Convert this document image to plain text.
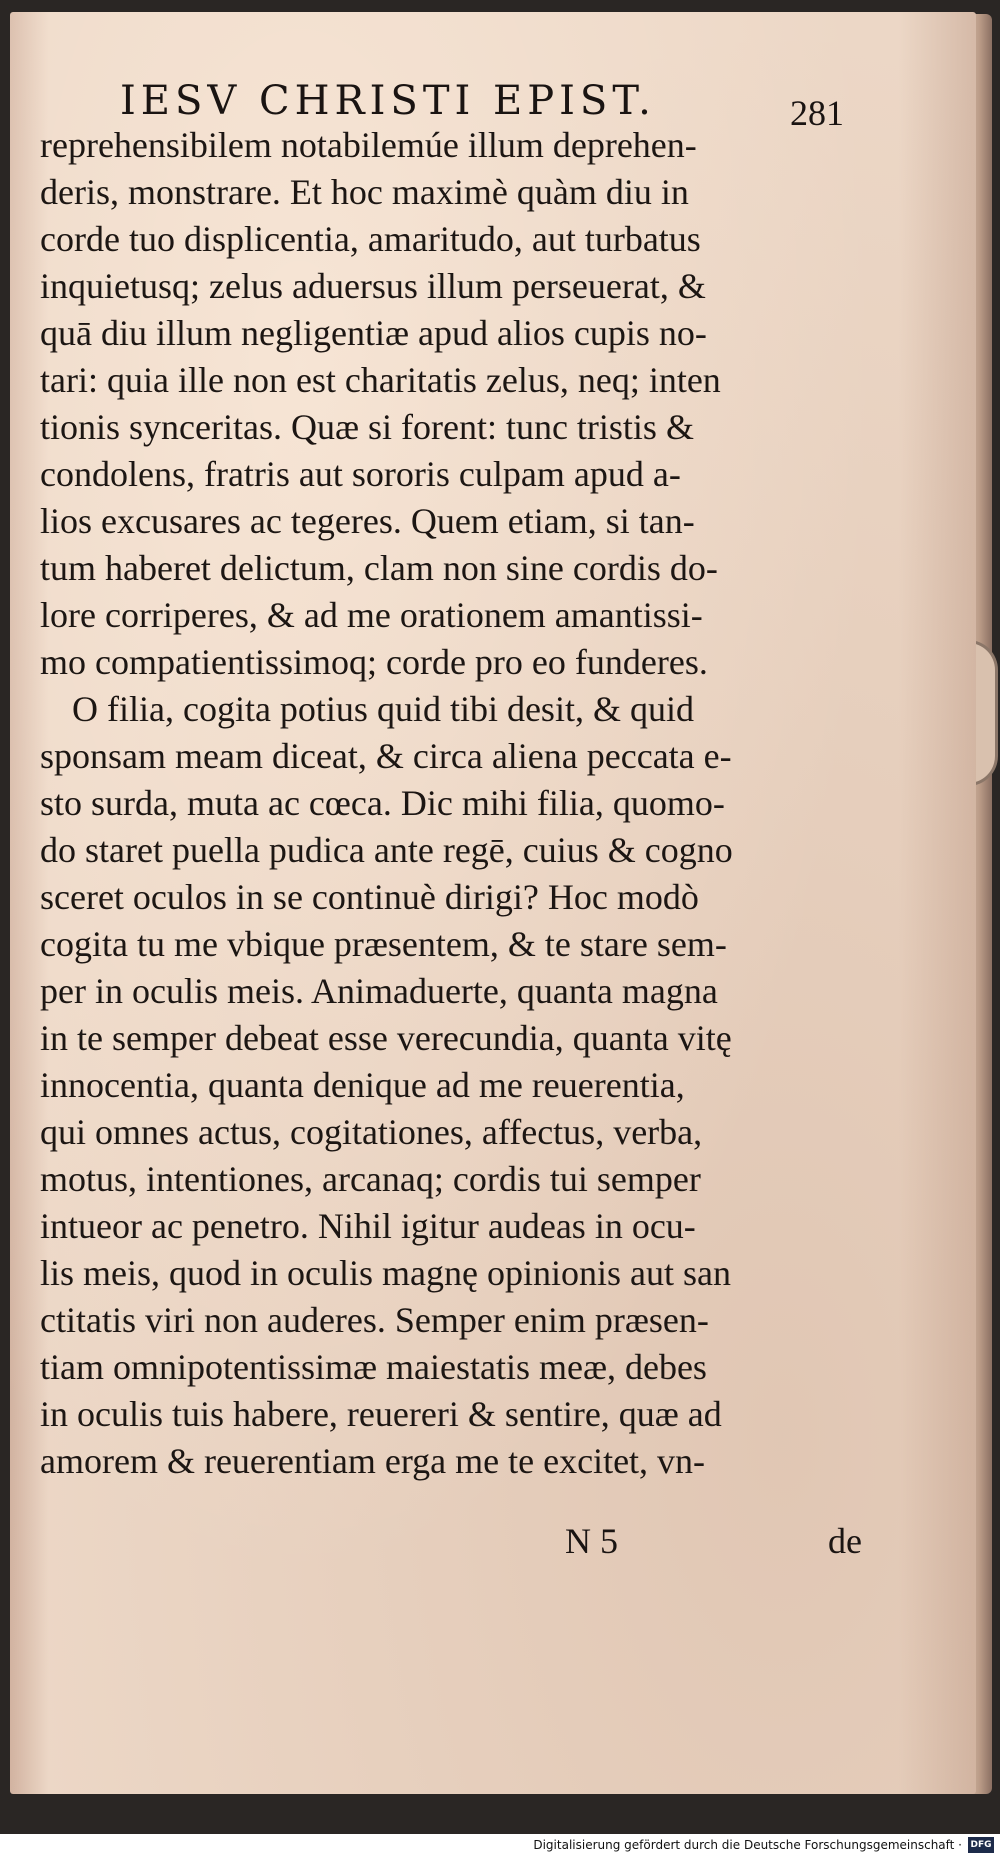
IESV CHRISTI EPIST.	281
reprehensibilem notabilemúe illum deprehen-
deris, monstrare. Et hoc maximè quàm diu in
corde tuo displicentia, amaritudo, aut turbatus
inquietusq; zelus aduersus illum perseuerat, &
quā diu illum negligentiæ apud alios cupis no-
tari: quia ille non est charitatis zelus, neq; inten
tionis synceritas. Quæ si forent: tunc tristis &
condolens, fratris aut sororis culpam apud a-
lios excusares ac tegeres. Quem etiam, si tan-
tum haberet delictum, clam non sine cordis do-
lore corriperes, & ad me orationem amantissi-
mo compatientissimoq; corde pro eo funderes.
O filia, cogita potius quid tibi desit, & quid
sponsam meam diceat, & circa aliena peccata e-
sto surda, muta ac cœca. Dic mihi filia, quomo-
do staret puella pudica ante regē, cuius & cogno
sceret oculos in se continuè dirigi? Hoc modò
cogita tu me vbique præsentem, & te stare sem-
per in oculis meis. Animaduerte, quanta magna
in te semper debeat esse verecundia, quanta vitę
innocentia, quanta denique ad me reuerentia,
qui omnes actus, cogitationes, affectus, verba,
motus, intentiones, arcanaq; cordis tui semper
intueor ac penetro. Nihil igitur audeas in ocu-
lis meis, quod in oculis magnę opinionis aut san
ctitatis viri non auderes. Semper enim præsen-
tiam omnipotentissimæ maiestatis meæ, debes
in oculis tuis habere, reuereri & sentire, quæ ad
amorem & reuerentiam erga me te excitet, vn-
N 5	de
Digitalisierung gefördert durch die Deutsche Forschungsgemeinschaft · DFG
